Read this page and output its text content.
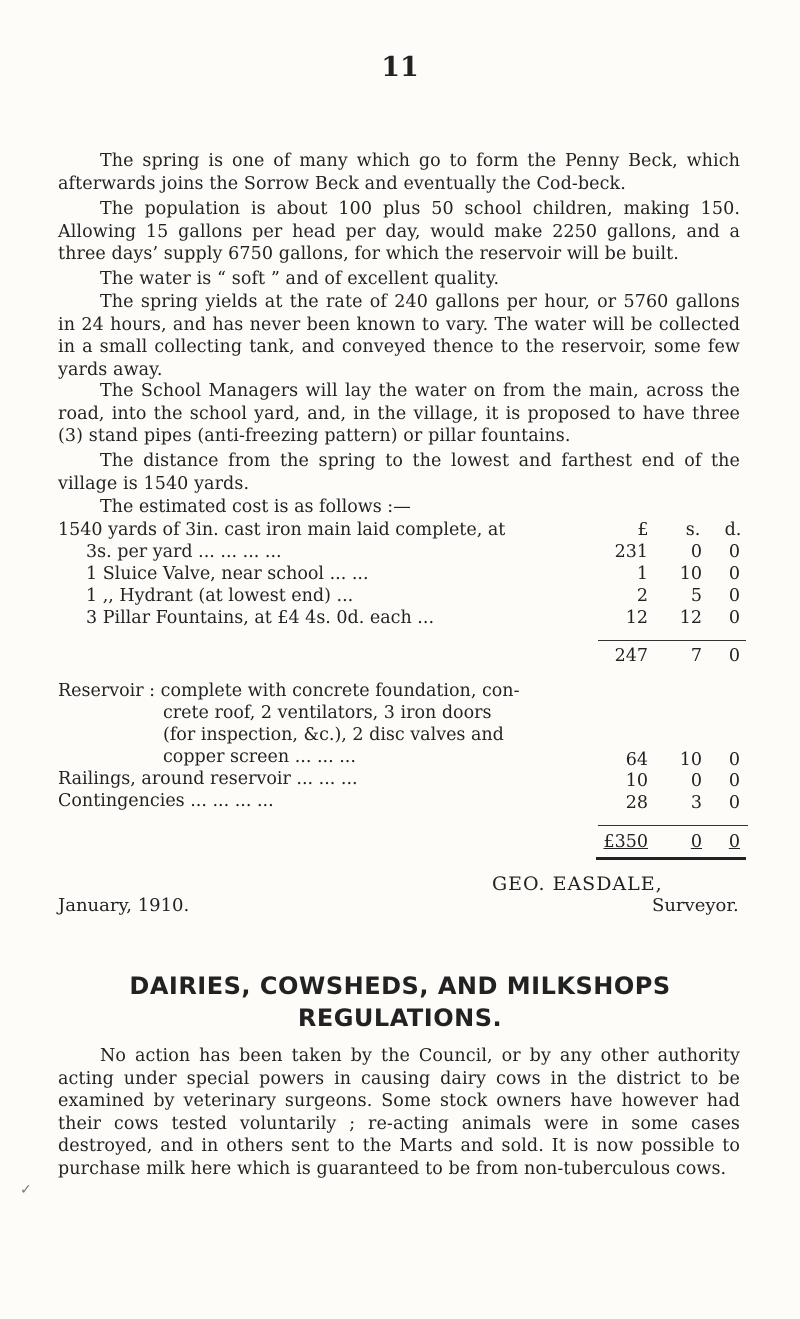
11

The spring is one of many which go to form the Penny Beck, which afterwards joins the Sorrow Beck and eventually the Cod-beck.

The population is about 100 plus 50 school children, making 150. Allowing 15 gallons per head per day, would make 2250 gallons, and a three days’ supply 6750 gallons, for which the reservoir will be built.

The water is “ soft ” and of excellent quality.

The spring yields at the rate of 240 gallons per hour, or 5760 gallons in 24 hours, and has never been known to vary. The water will be collected in a small collecting tank, and conveyed thence to the reservoir, some few yards away.

The School Managers will lay the water on from the main, across the road, into the school yard, and, in the village, it is proposed to have three (3) stand pipes (anti-freezing pattern) or pillar fountains.

The distance from the spring to the lowest and farthest end of the village is 1540 yards.

The estimated cost is as follows :—

£	s.	d.
1540 yards of 3in. cast iron main laid complete, at
3s. per yard ... ... ... ...	231	0	0
1 Sluice Valve, near school ... ...	1	10	0
1 ,, Hydrant (at lowest end) ...	2	5	0
3 Pillar Fountains, at £4 4s. 0d. each ...	12	12	0
247	7	0
Reservoir : complete with concrete foundation, con-
crete roof, 2 ventilators, 3 iron doors
(for inspection, &c.), 2 disc valves and
copper screen ... ... ...	64	10	0
Railings, around reservoir ... ... ...	10	0	0
Contingencies ... ... ... ...	28	3	0
£350	0	0
GEO. EASDALE,
January, 1910.	Surveyor.
DAIRIES, COWSHEDS, AND MILKSHOPS
REGULATIONS.

No action has been taken by the Council, or by any other authority acting under special powers in causing dairy cows in the district to be examined by veterinary surgeons. Some stock owners have however had their cows tested voluntarily ; re-acting animals were in some cases destroyed, and in others sent to the Marts and sold. It is now possible to purchase milk here which is guaranteed to be from non-tuberculous cows.

✓
